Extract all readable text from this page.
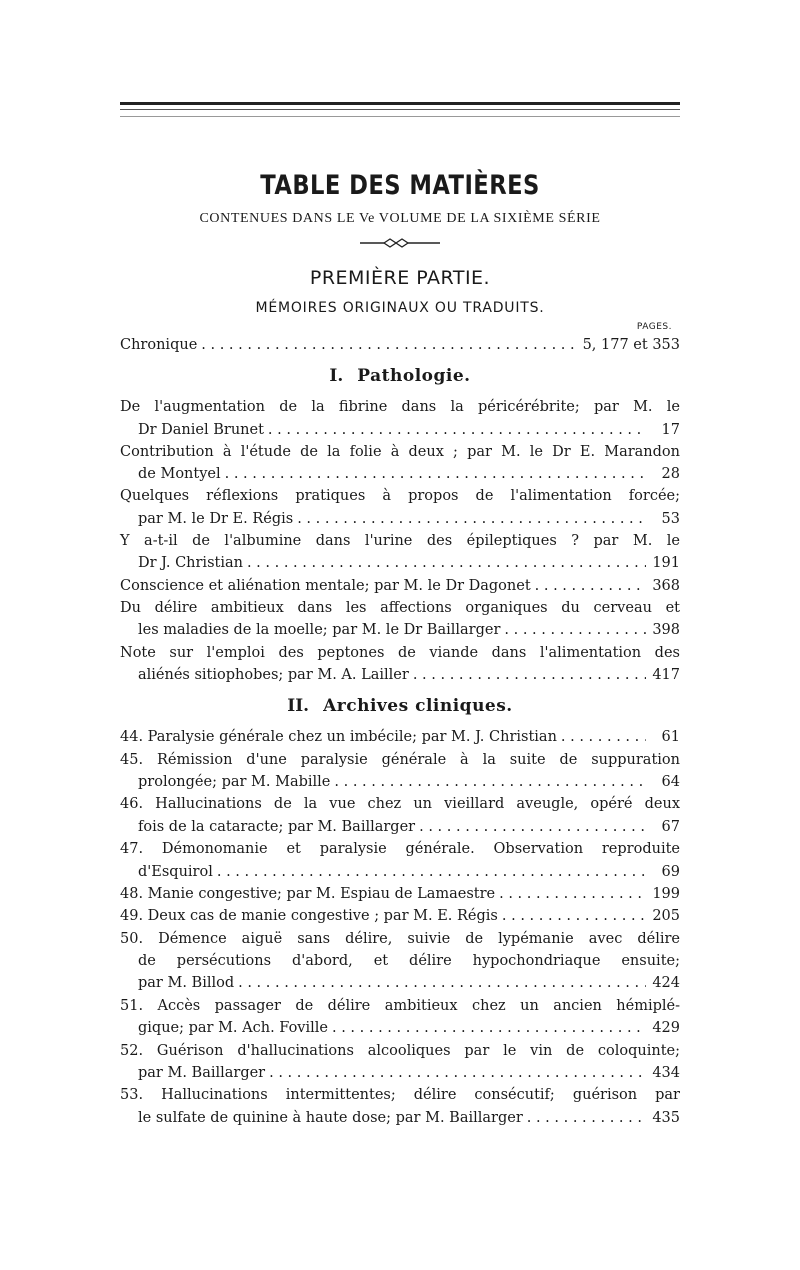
TABLE DES MATIÈRES
CONTENUES DANS LE Ve VOLUME DE LA SIXIÈME SÉRIE
PREMIÈRE PARTIE.
MÉMOIRES ORIGINAUX OU TRADUITS.
PAGES.
Chronique . . .	5, 177 et 353
I. Pathologie.
De l'augmentation de la fibrine dans la péricérébrite; par M. le
Dr Daniel Brunet . . .	17
Contribution à l'étude de la folie à deux ; par M. le Dr E. Marandon
de Montyel . . .	28
Quelques réflexions pratiques à propos de l'alimentation forcée;
par M. le Dr E. Régis . . .	53
Y a-t-il de l'albumine dans l'urine des épileptiques ? par M. le
Dr J. Christian . . .	191
Conscience et aliénation mentale; par M. le Dr Dagonet . . .	368
Du délire ambitieux dans les affections organiques du cerveau et
les maladies de la moelle; par M. le Dr Baillarger . . .	398
Note sur l'emploi des peptones de viande dans l'alimentation des
aliénés sitiophobes; par M. A. Lailler . . .	417
II. Archives cliniques.
44. Paralysie générale chez un imbécile; par M. J. Christian . . .	61
45. Rémission d'une paralysie générale à la suite de suppuration
prolongée; par M. Mabille . . .	64
46. Hallucinations de la vue chez un vieillard aveugle, opéré deux
fois de la cataracte; par M. Baillarger . . .	67
47. Démonomanie et paralysie générale. Observation reproduite
d'Esquirol . . .	69
48. Manie congestive; par M. Espiau de Lamaestre . . .	199
49. Deux cas de manie congestive ; par M. E. Régis . . .	205
50. Démence aiguë sans délire, suivie de lypémanie avec délire
de persécutions d'abord, et délire hypochondriaque ensuite;
par M. Billod . . .	424
51. Accès passager de délire ambitieux chez un ancien hémiplé-
gique; par M. Ach. Foville . . .	429
52. Guérison d'hallucinations alcooliques par le vin de coloquinte;
par M. Baillarger . . .	434
53. Hallucinations intermittentes; délire consécutif; guérison par
le sulfate de quinine à haute dose; par M. Baillarger . . .	435
